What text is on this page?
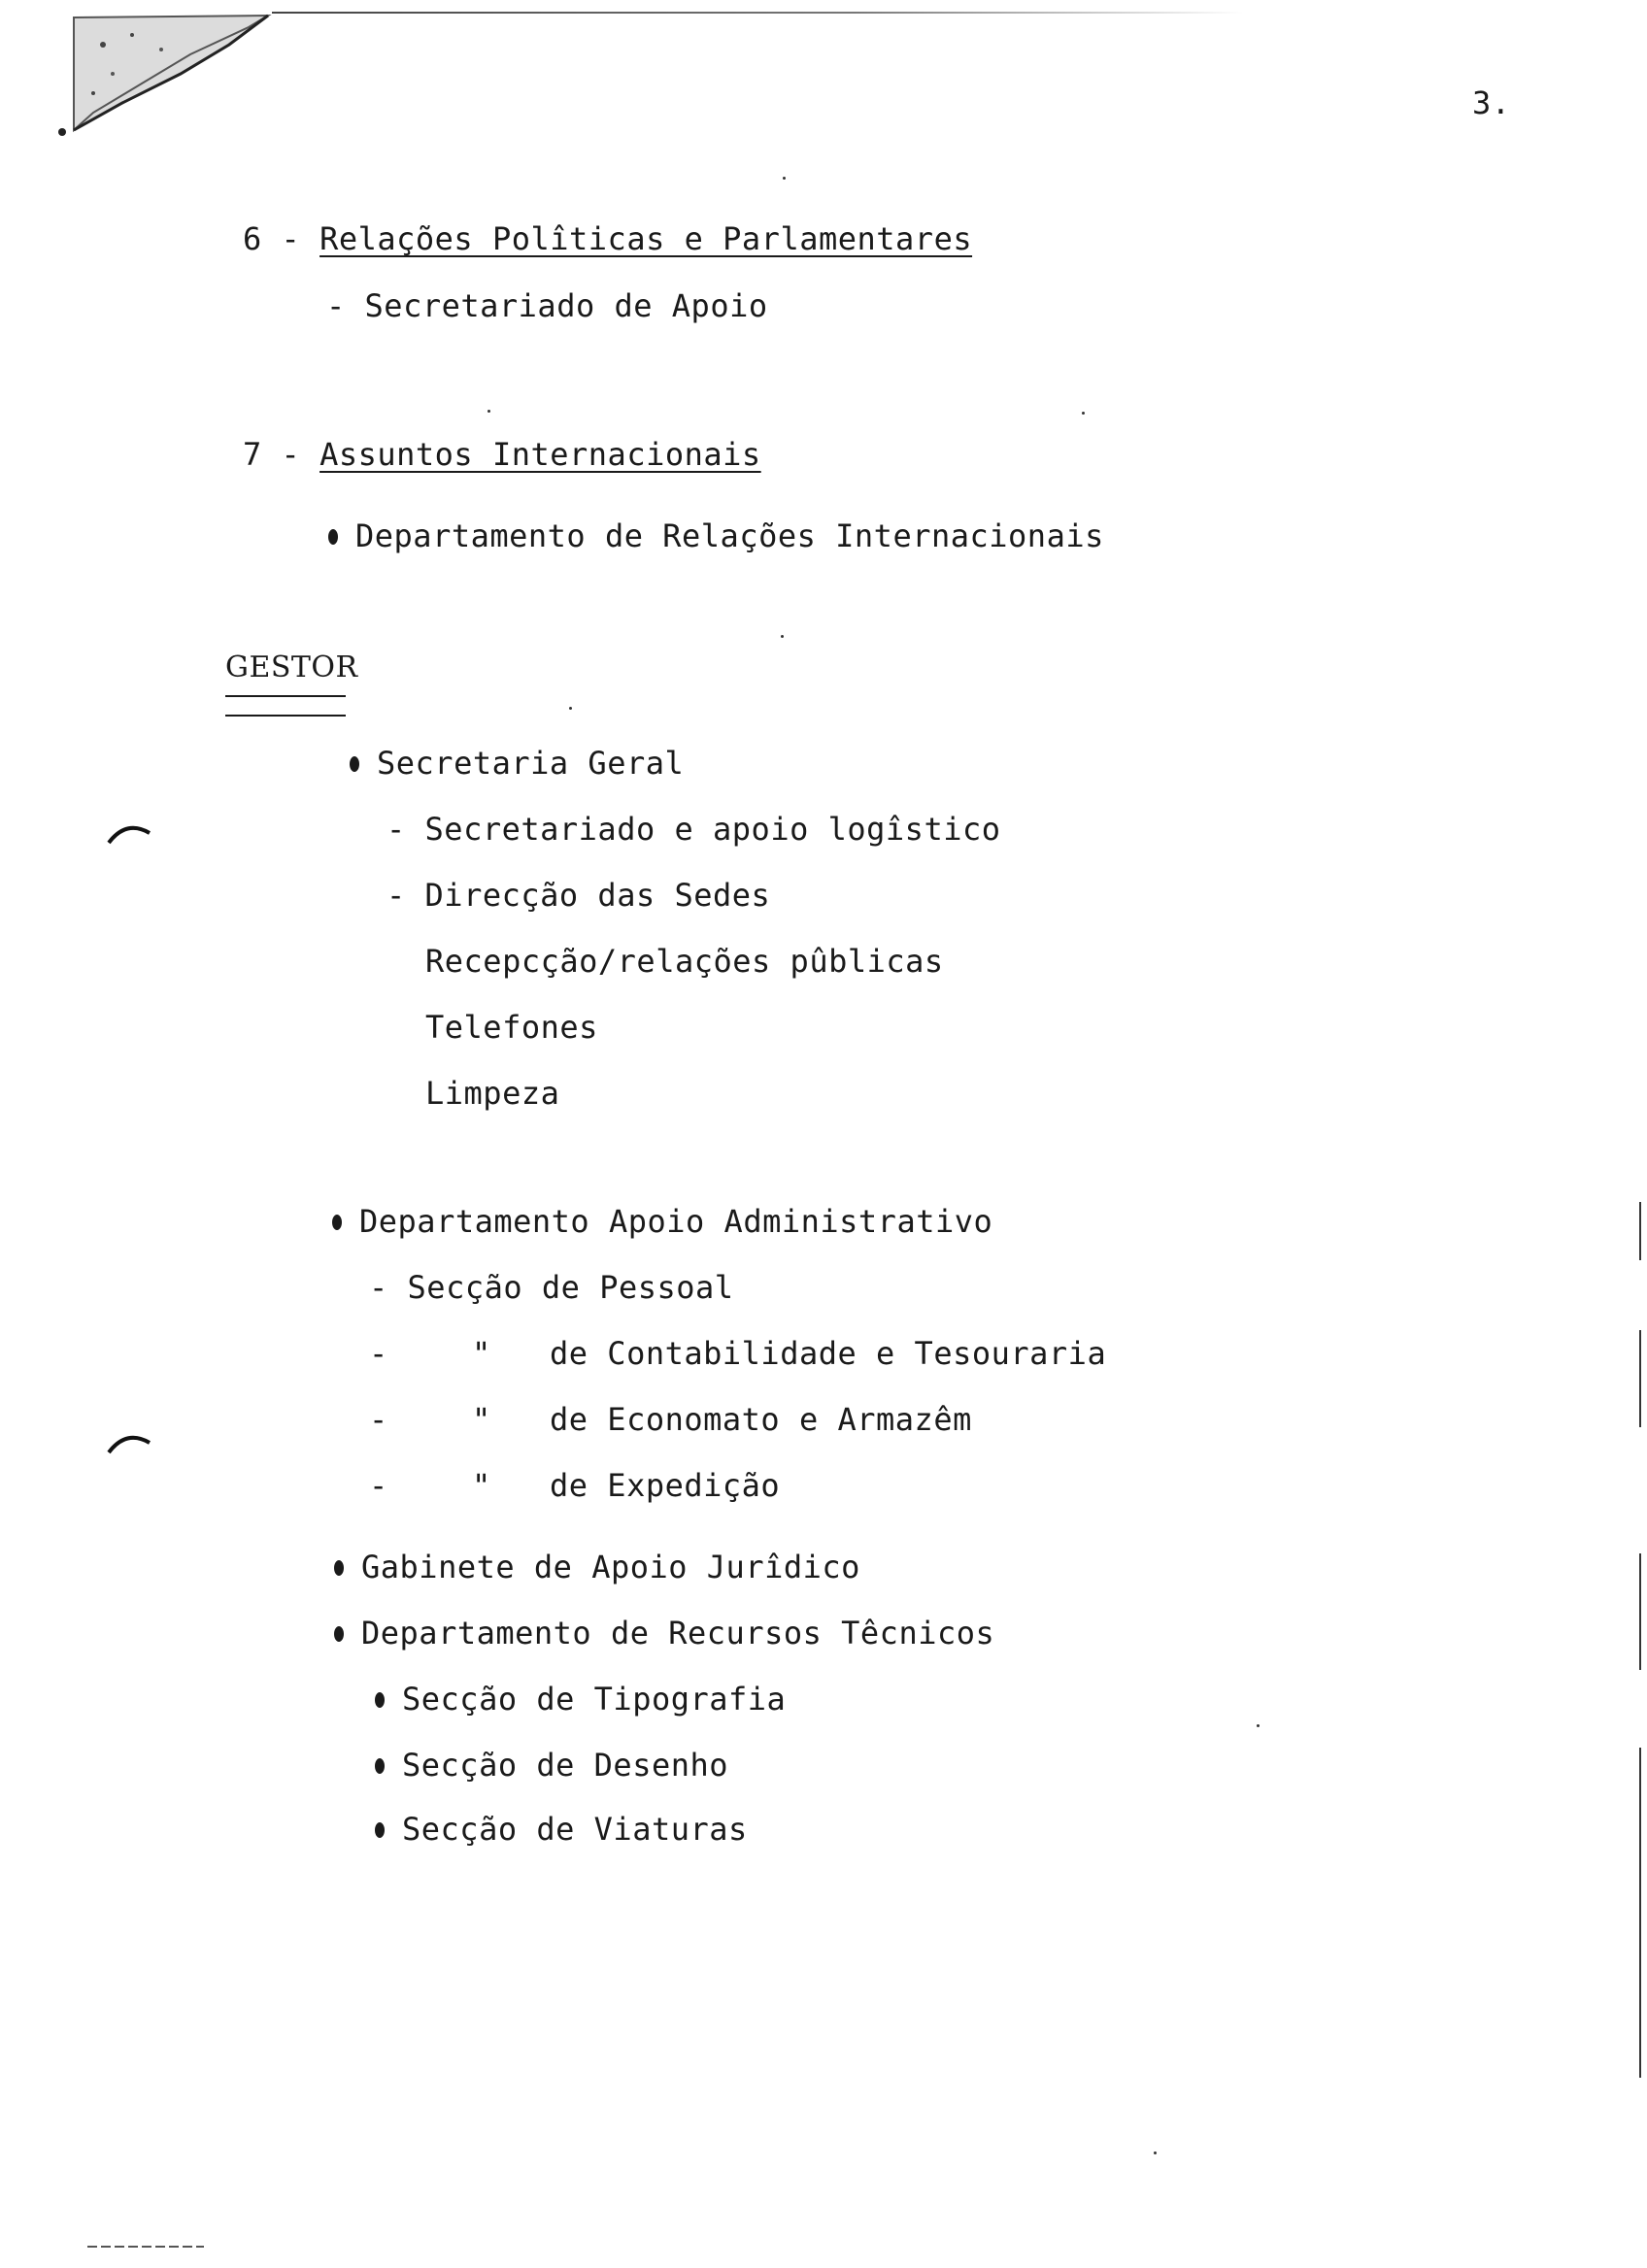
3.
6 - Relações Polîticas e Parlamentares
- Secretariado de Apoio
7 - Assuntos Internacionais
Departamento de Relações Internacionais
GESTOR
Secretaria Geral
- Secretariado e apoio logîstico
- Direcção das Sedes
Recepcção/relações pûblicas
Telefones
Limpeza
Departamento Apoio Administrativo
- Secção de Pessoal
-	" de Contabilidade e Tesouraria
-	" de Economato e Armazêm
-	" de Expedição
Gabinete de Apoio Jurîdico
Departamento de Recursos Têcnicos
Secção de Tipografia
Secção de Desenho
Secção de Viaturas
